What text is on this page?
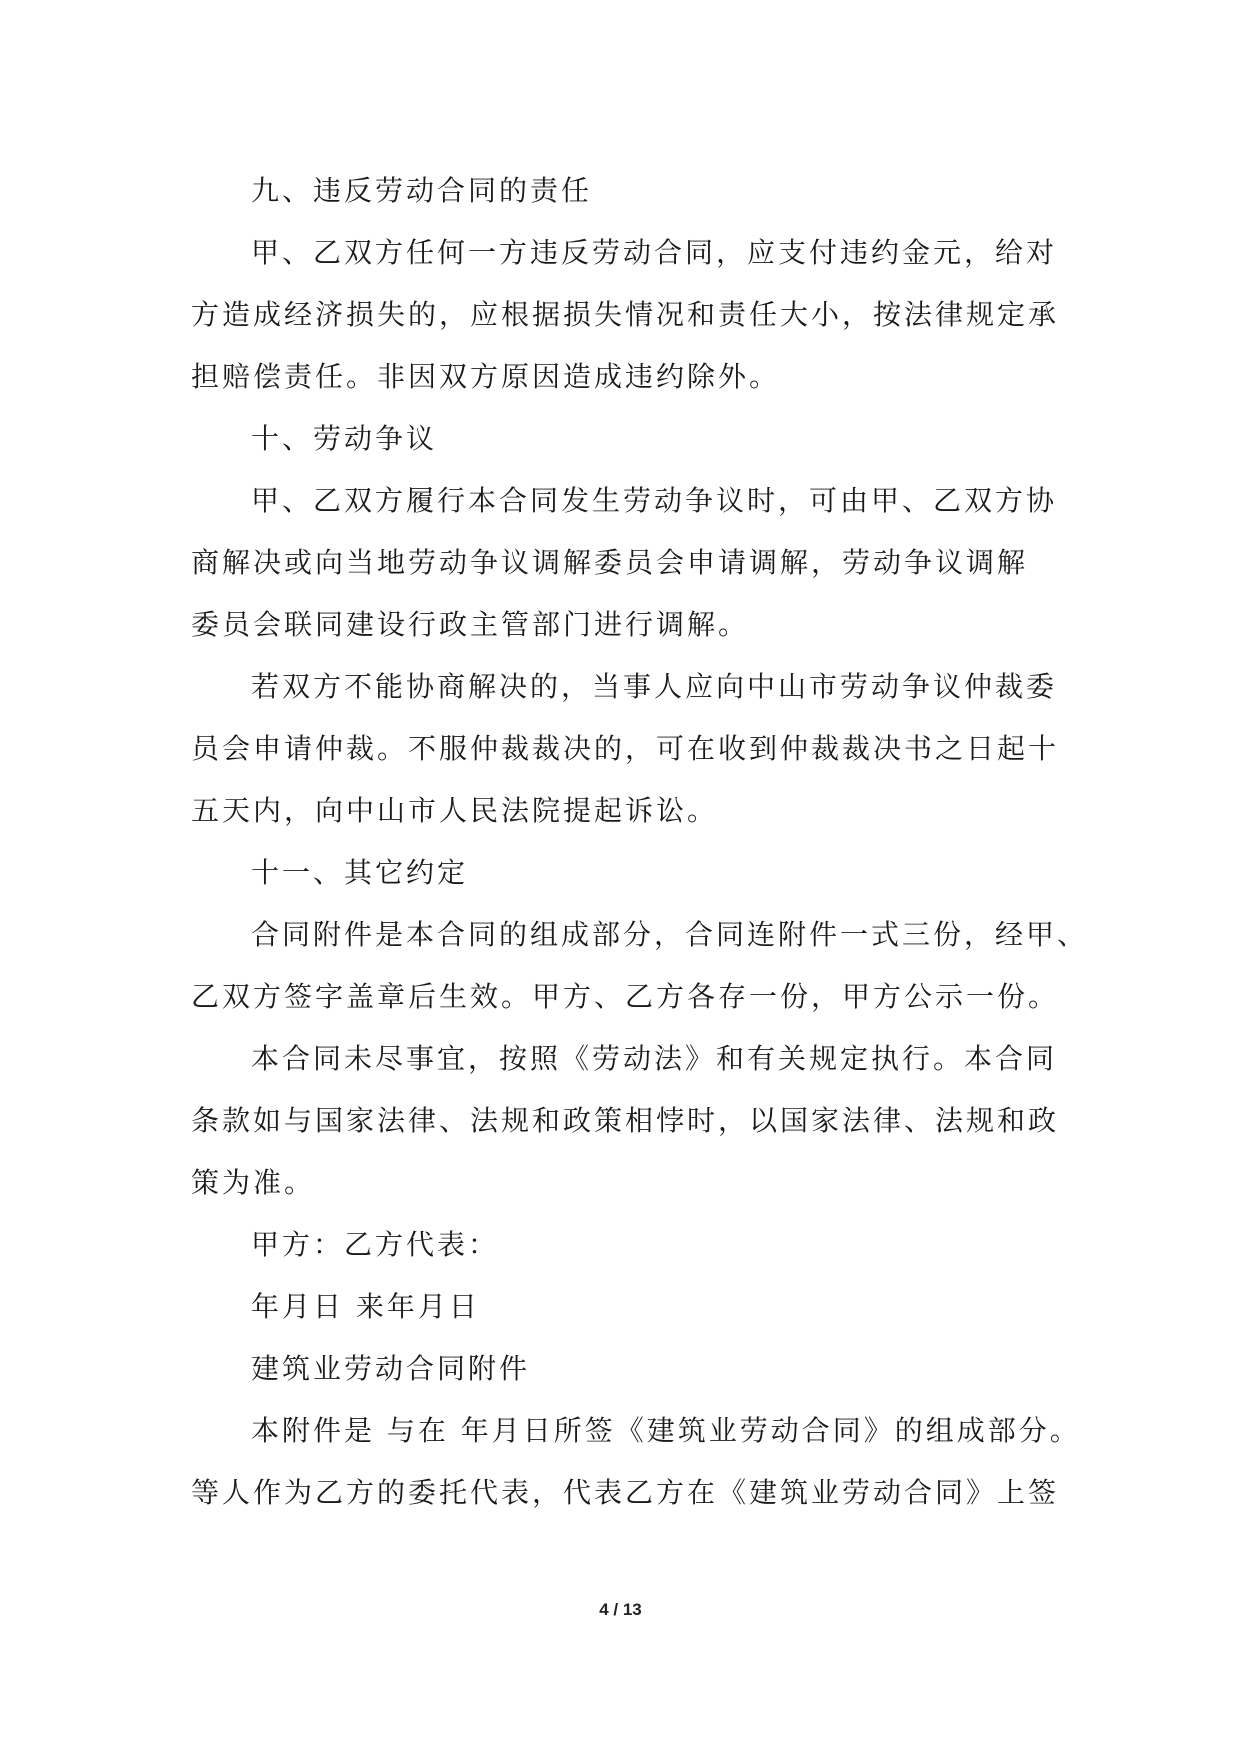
九、违反劳动合同的责任
甲、乙双方任何一方违反劳动合同，应支付违约金元，给对
方造成经济损失的，应根据损失情况和责任大小，按法律规定承
担赔偿责任。非因双方原因造成违约除外。
十、劳动争议
甲、乙双方履行本合同发生劳动争议时，可由甲、乙双方协
商解决或向当地劳动争议调解委员会申请调解，劳动争议调解
委员会联同建设行政主管部门进行调解。
若双方不能协商解决的，当事人应向中山市劳动争议仲裁委
员会申请仲裁。不服仲裁裁决的，可在收到仲裁裁决书之日起十
五天内，向中山市人民法院提起诉讼。
十一、其它约定
合同附件是本合同的组成部分，合同连附件一式三份，经甲、
乙双方签字盖章后生效。甲方、乙方各存一份，甲方公示一份。
本合同未尽事宜，按照《劳动法》和有关规定执行。本合同
条款如与国家法律、法规和政策相悖时，以国家法律、法规和政
策为准。
甲方：乙方代表：
年月日 来年月日
建筑业劳动合同附件
本附件是 与在 年月日所签《建筑业劳动合同》的组成部分。
等人作为乙方的委托代表，代表乙方在《建筑业劳动合同》上签
4 / 13
